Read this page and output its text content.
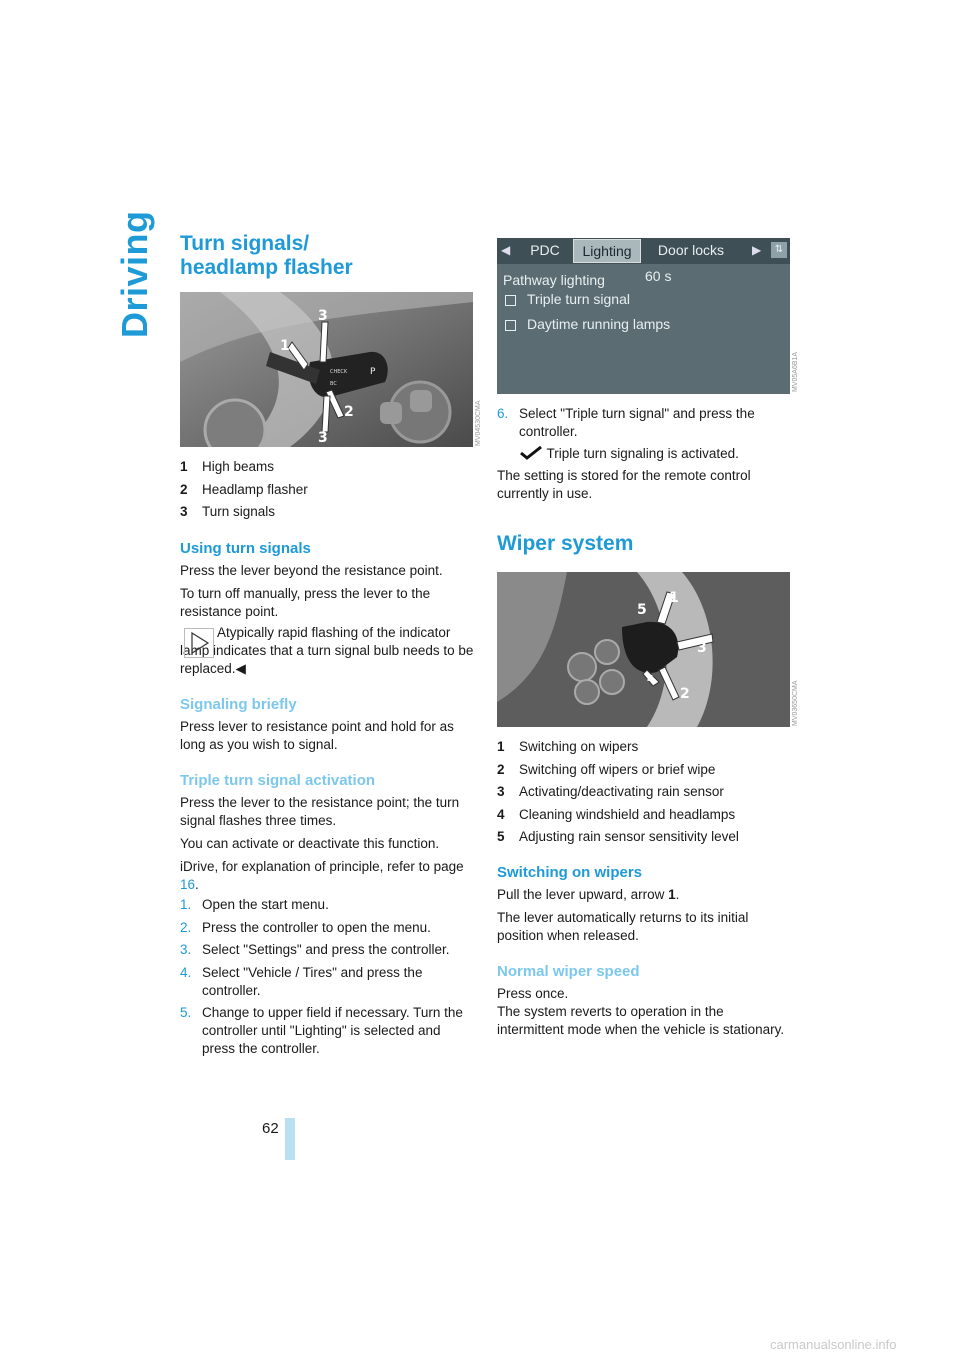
Driving Turn signals/
headlamp flasher
CHECK
BC
P
3
1
2
3	MV04530CMA
1 High beams
2 Headlamp flasher
3 Turn signals
Using turn signals

Press the lever beyond the resistance point.

To turn off manually, press the lever to the resistance point.

Atypically rapid flashing of the indicator lamp indicates that a turn signal bulb needs to be replaced.◀

Signaling briefly

Press lever to resistance point and hold for as long as you wish to signal.

Triple turn signal activation

Press the lever to the resistance point; the turn signal flashes three times.

You can activate or deactivate this function.

iDrive, for explanation of principle, refer to page 16.

1. Open the start menu.
2. Press the controller to open the menu.
3. Select "Settings" and press the controller.
4. Select "Vehicle / Tires" and press the controller.
5. Change to upper field if necessary. Turn the controller until "Lighting" is selected and press the controller.
◀	PDC	Lighting	Door locks	▶	⇅
Pathway lighting	60 s
Triple turn signal
Daytime running lamps
MV05A6B1A
6. Select "Triple turn signal" and press the controller.
Triple turn signaling is activated.

The setting is stored for the remote control currently in use.

Wiper system
1
2
3
4
5
MV03650CMA
1 Switching on wipers
2 Switching off wipers or brief wipe
3 Activating/deactivating rain sensor
4 Cleaning windshield and headlamps
5 Adjusting rain sensor sensitivity level
Switching on wipers

Pull the lever upward, arrow 1.

The lever automatically returns to its initial position when released.

Normal wiper speed

Press once.

The system reverts to operation in the intermittent mode when the vehicle is stationary.

62
carmanualsonline.info
